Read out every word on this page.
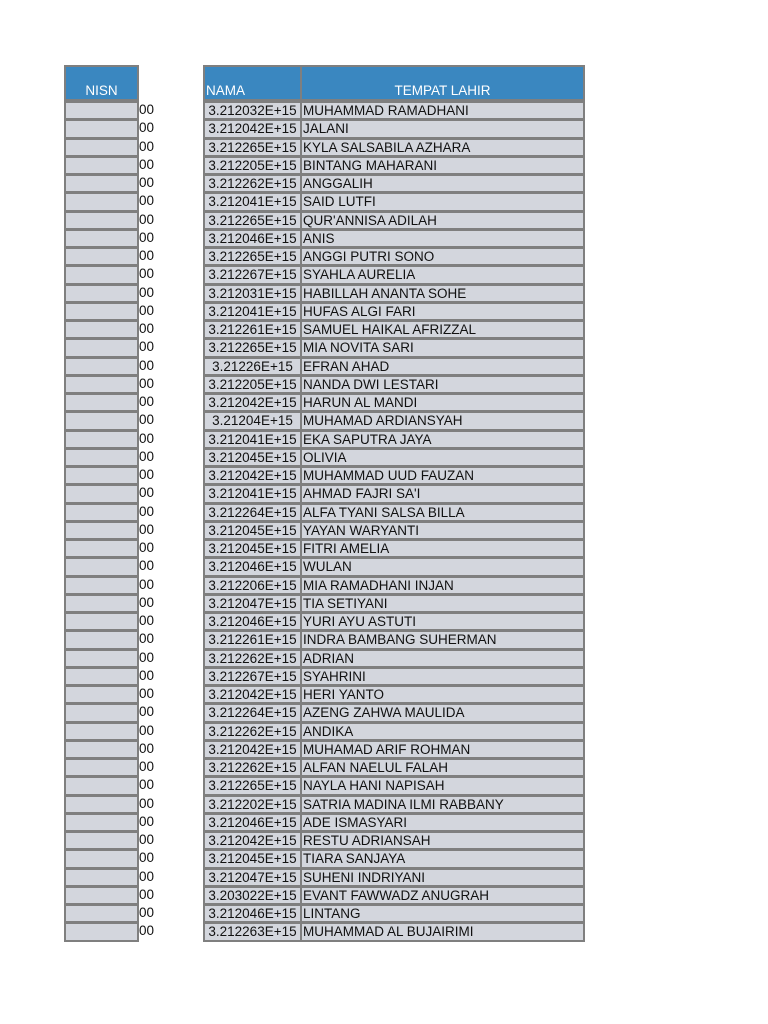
NISN	NAMA	TEMPAT LAHIR
00	3.212032E+15 MUHAMMAD RAMADHANI
00	3.212042E+15 JALANI
00	3.212265E+15 KYLA SALSABILA AZHARA
00	3.212205E+15 BINTANG MAHARANI
00	3.212262E+15 ANGGALIH
00	3.212041E+15 SAID LUTFI
00	3.212265E+15 QUR'ANNISA ADILAH
00	3.212046E+15 ANIS
00	3.212265E+15 ANGGI PUTRI SONO
00	3.212267E+15 SYAHLA AURELIA
00	3.212031E+15 HABILLAH ANANTA SOHE
00	3.212041E+15 HUFAS ALGI FARI
00	3.212261E+15 SAMUEL HAIKAL AFRIZZAL
00	3.212265E+15 MIA NOVITA SARI
00	3.21226E+15 EFRAN AHAD
00	3.212205E+15 NANDA DWI LESTARI
00	3.212042E+15 HARUN AL MANDI
00	3.21204E+15 MUHAMAD ARDIANSYAH
00	3.212041E+15 EKA SAPUTRA JAYA
00	3.212045E+15 OLIVIA
00	3.212042E+15 MUHAMMAD UUD FAUZAN
00	3.212041E+15 AHMAD FAJRI SA'I
00	3.212264E+15 ALFA TYANI SALSA BILLA
00	3.212045E+15 YAYAN WARYANTI
00	3.212045E+15 FITRI AMELIA
00	3.212046E+15 WULAN
00	3.212206E+15 MIA RAMADHANI INJAN
00	3.212047E+15 TIA SETIYANI
00	3.212046E+15 YURI AYU ASTUTI
00	3.212261E+15 INDRA BAMBANG SUHERMAN
00	3.212262E+15 ADRIAN
00	3.212267E+15 SYAHRINI
00	3.212042E+15 HERI YANTO
00	3.212264E+15 AZENG ZAHWA MAULIDA
00	3.212262E+15 ANDIKA
00	3.212042E+15 MUHAMAD ARIF ROHMAN
00	3.212262E+15 ALFAN NAELUL FALAH
00	3.212265E+15 NAYLA HANI NAPISAH
00	3.212202E+15 SATRIA MADINA ILMI RABBANY
00	3.212046E+15 ADE ISMASYARI
00	3.212042E+15 RESTU ADRIANSAH
00	3.212045E+15 TIARA SANJAYA
00	3.212047E+15 SUHENI INDRIYANI
00	3.203022E+15 EVANT FAWWADZ ANUGRAH
00	3.212046E+15 LINTANG
00	3.212263E+15 MUHAMMAD AL BUJAIRIMI
